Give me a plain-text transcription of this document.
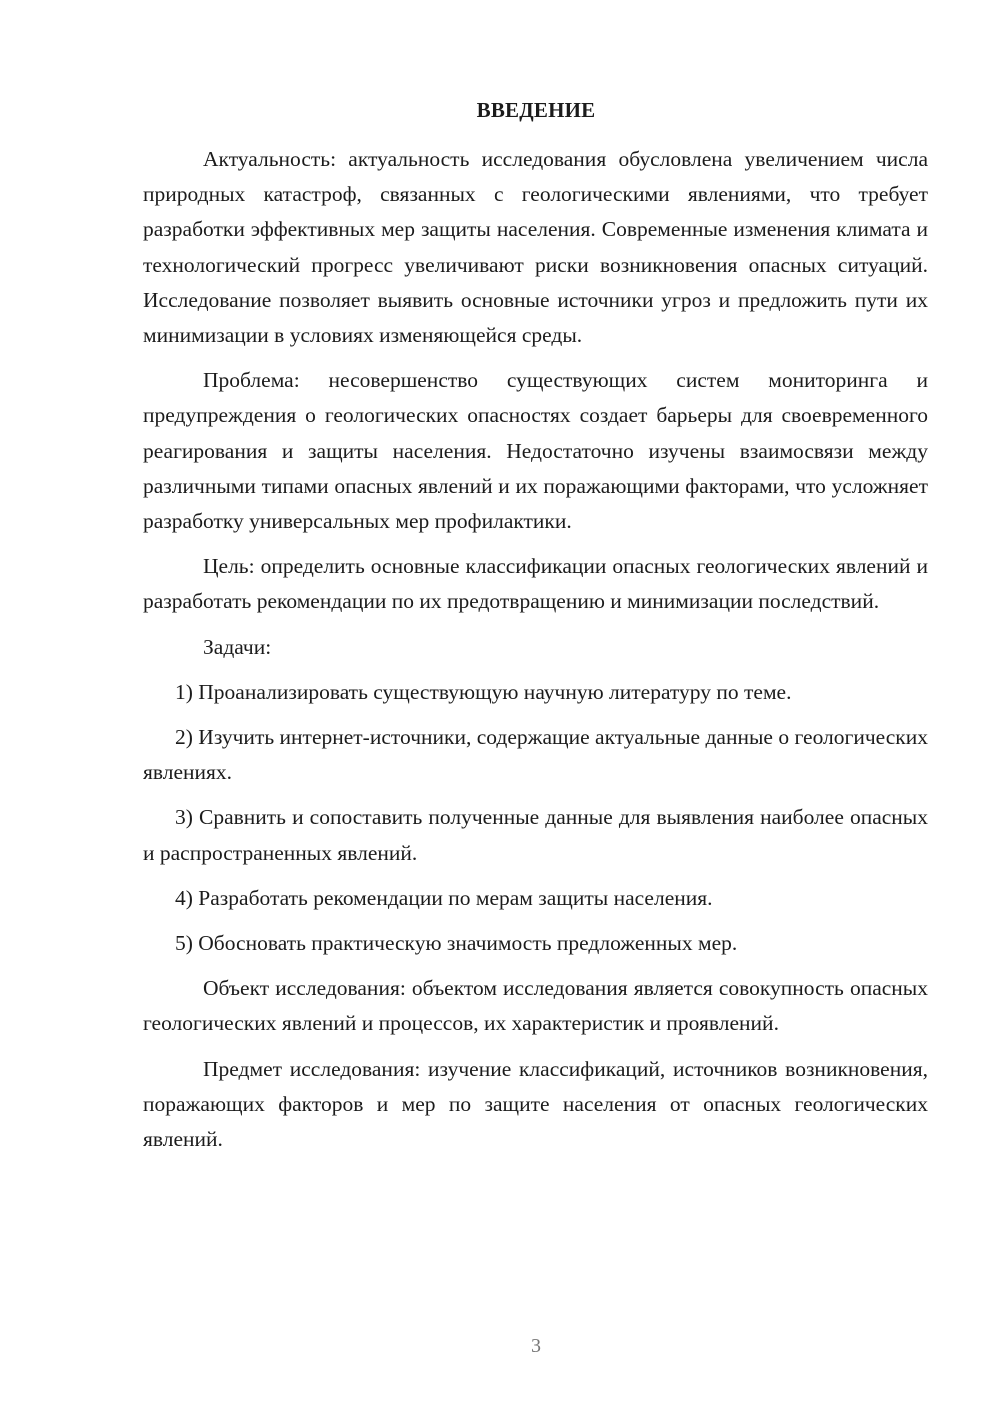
ВВЕДЕНИЕ

Актуальность: актуальность исследования обусловлена увеличением числа природных катастроф, связанных с геологическими явлениями, что требует разработки эффективных мер защиты населения. Современные изменения климата и технологический прогресс увеличивают риски возникновения опасных ситуаций. Исследование позволяет выявить основные источники угроз и предложить пути их минимизации в условиях изменяющейся среды.

Проблема: несовершенство существующих систем мониторинга и предупреждения о геологических опасностях создает барьеры для своевременного реагирования и защиты населения. Недостаточно изучены взаимосвязи между различными типами опасных явлений и их поражающими факторами, что усложняет разработку универсальных мер профилактики.

Цель: определить основные классификации опасных геологических явлений и разработать рекомендации по их предотвращению и минимизации последствий.

Задачи:

1) Проанализировать существующую научную литературу по теме.

2) Изучить интернет-источники, содержащие актуальные данные о геологических явлениях.

3) Сравнить и сопоставить полученные данные для выявления наиболее опасных и распространенных явлений.

4) Разработать рекомендации по мерам защиты населения.

5) Обосновать практическую значимость предложенных мер.

Объект исследования: объектом исследования является совокупность опасных геологических явлений и процессов, их характеристик и проявлений.

Предмет исследования: изучение классификаций, источников возникновения, поражающих факторов и мер по защите населения от опасных геологических явлений.

3
